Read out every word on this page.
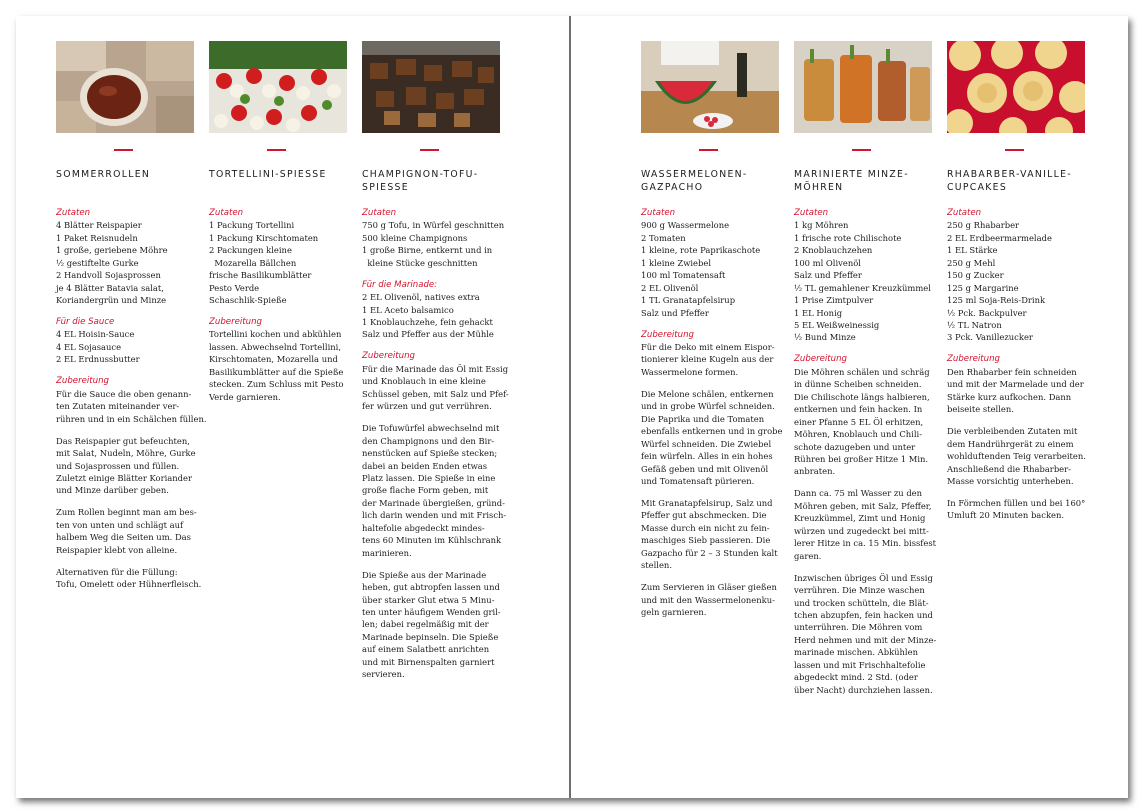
SOMMERROLLEN
Zutaten
4 Blätter Reispapier
1 Paket Reisnudeln
1 große, geriebene Möhre
½ gestiftelte Gurke
2 Handvoll Sojasprossen
je 4 Blätter Batavia salat,
Koriandergrün und Minze
Für die Sauce
4 EL Hoisin-Sauce
4 EL Sojasauce
2 EL Erdnussbutter
Zubereitung
Für die Sauce die oben genann-
ten Zutaten miteinander ver-
rühren und in ein Schälchen füllen.
Das Reispapier gut befeuchten,
mit Salat, Nudeln, Möhre, Gurke
und Sojasprossen und füllen.
Zuletzt einige Blätter Koriander
und Minze darüber geben.
Zum Rollen beginnt man am bes-
ten von unten und schlägt auf
halbem Weg die Seiten um. Das
Reispapier klebt von alleine.
Alternativen für die Füllung:
Tofu, Omelett oder Hühnerfleisch.
TORTELLINI-SPIESSE
Zutaten
1 Packung Tortellini
1 Packung Kirschtomaten
2 Packungen kleine
Mozarella Bällchen
frische Basilikumblätter
Pesto Verde
Schaschlik-Spieße
Zubereitung
Tortellini kochen und abkühlen
lassen. Abwechselnd Tortellini,
Kirschtomaten, Mozarella und
Basilikumblätter auf die Spieße
stecken. Zum Schluss mit Pesto
Verde garnieren.
CHAMPIGNON-TOFU-
SPIESSE
Zutaten
750 g Tofu, in Würfel geschnitten
500 kleine Champignons
1 große Birne, entkernt und in
kleine Stücke geschnitten
Für die Marinade:
2 EL Olivenöl, natives extra
1 EL Aceto balsamico
1 Knoblauchzehe, fein gehackt
Salz und Pfeffer aus der Mühle
Zubereitung
Für die Marinade das Öl mit Essig
und Knoblauch in eine kleine
Schüssel geben, mit Salz und Pfef-
fer würzen und gut verrühren.
Die Tofuwürfel abwechselnd mit
den Champignons und den Bir-
nenstücken auf Spieße stecken;
dabei an beiden Enden etwas
Platz lassen. Die Spieße in eine
große flache Form geben, mit
der Marinade übergießen, gründ-
lich darin wenden und mit Frisch-
haltefolie abgedeckt mindes-
tens 60 Minuten im Kühlschrank
marinieren.
Die Spieße aus der Marinade
heben, gut abtropfen lassen und
über starker Glut etwa 5 Minu-
ten unter häufigem Wenden gril-
len; dabei regelmäßig mit der
Marinade bepinseln. Die Spieße
auf einem Salatbett anrichten
und mit Birnenspalten garniert
servieren.
WASSERMELONEN-
GAZPACHO
Zutaten
900 g Wassermelone
2 Tomaten
1 kleine, rote Paprikaschote
1 kleine Zwiebel
100 ml Tomatensaft
2 EL Olivenöl
1 TL Granatapfelsirup
Salz und Pfeffer
Zubereitung
Für die Deko mit einem Eispor-
tionierer kleine Kugeln aus der
Wassermelone formen.
Die Melone schälen, entkernen
und in grobe Würfel schneiden.
Die Paprika und die Tomaten
ebenfalls entkernen und in grobe
Würfel schneiden. Die Zwiebel
fein würfeln. Alles in ein hohes
Gefäß geben und mit Olivenöl
und Tomatensaft pürieren.
Mit Granatapfelsirup, Salz und
Pfeffer gut abschmecken. Die
Masse durch ein nicht zu fein-
maschiges Sieb passieren. Die
Gazpacho für 2 – 3 Stunden kalt
stellen.
Zum Servieren in Gläser gießen
und mit den Wassermelonenku-
geln garnieren.
MARINIERTE MINZE-
MÖHREN
Zutaten
1 kg Möhren
1 frische rote Chilischote
2 Knoblauchzehen
100 ml Olivenöl
Salz und Pfeffer
½ TL gemahlener Kreuzkümmel
1 Prise Zimtpulver
1 EL Honig
5 EL Weißweinessig
½ Bund Minze
Zubereitung
Die Möhren schälen und schräg
in dünne Scheiben schneiden.
Die Chilischote längs halbieren,
entkernen und fein hacken. In
einer Pfanne 5 EL Öl erhitzen,
Möhren, Knoblauch und Chili-
schote dazugeben und unter
Rühren bei großer Hitze 1 Min.
anbraten.
Dann ca. 75 ml Wasser zu den
Möhren geben, mit Salz, Pfeffer,
Kreuzkümmel, Zimt und Honig
würzen und zugedeckt bei mitt-
lerer Hitze in ca. 15 Min. bissfest
garen.
Inzwischen übriges Öl und Essig
verrühren. Die Minze waschen
und trocken schütteln, die Blät-
tchen abzupfen, fein hacken und
unterrühren. Die Möhren vom
Herd nehmen und mit der Minze-
marinade mischen. Abkühlen
lassen und mit Frischhaltefolie
abgedeckt mind. 2 Std. (oder
über Nacht) durchziehen lassen.
RHABARBER-VANILLE-
CUPCAKES
Zutaten
250 g Rhabarber
2 EL Erdbeermarmelade
1 EL Stärke
250 g Mehl
150 g Zucker
125 g Margarine
125 ml Soja-Reis-Drink
½ Pck. Backpulver
½ TL Natron
3 Pck. Vanillezucker
Zubereitung
Den Rhabarber fein schneiden
und mit der Marmelade und der
Stärke kurz aufkochen. Dann
beiseite stellen.
Die verbleibenden Zutaten mit
dem Handrührgerät zu einem
wohlduftenden Teig verarbeiten.
Anschließend die Rhabarber-
Masse vorsichtig unterheben.
In Förmchen füllen und bei 160°
Umluft 20 Minuten backen.
